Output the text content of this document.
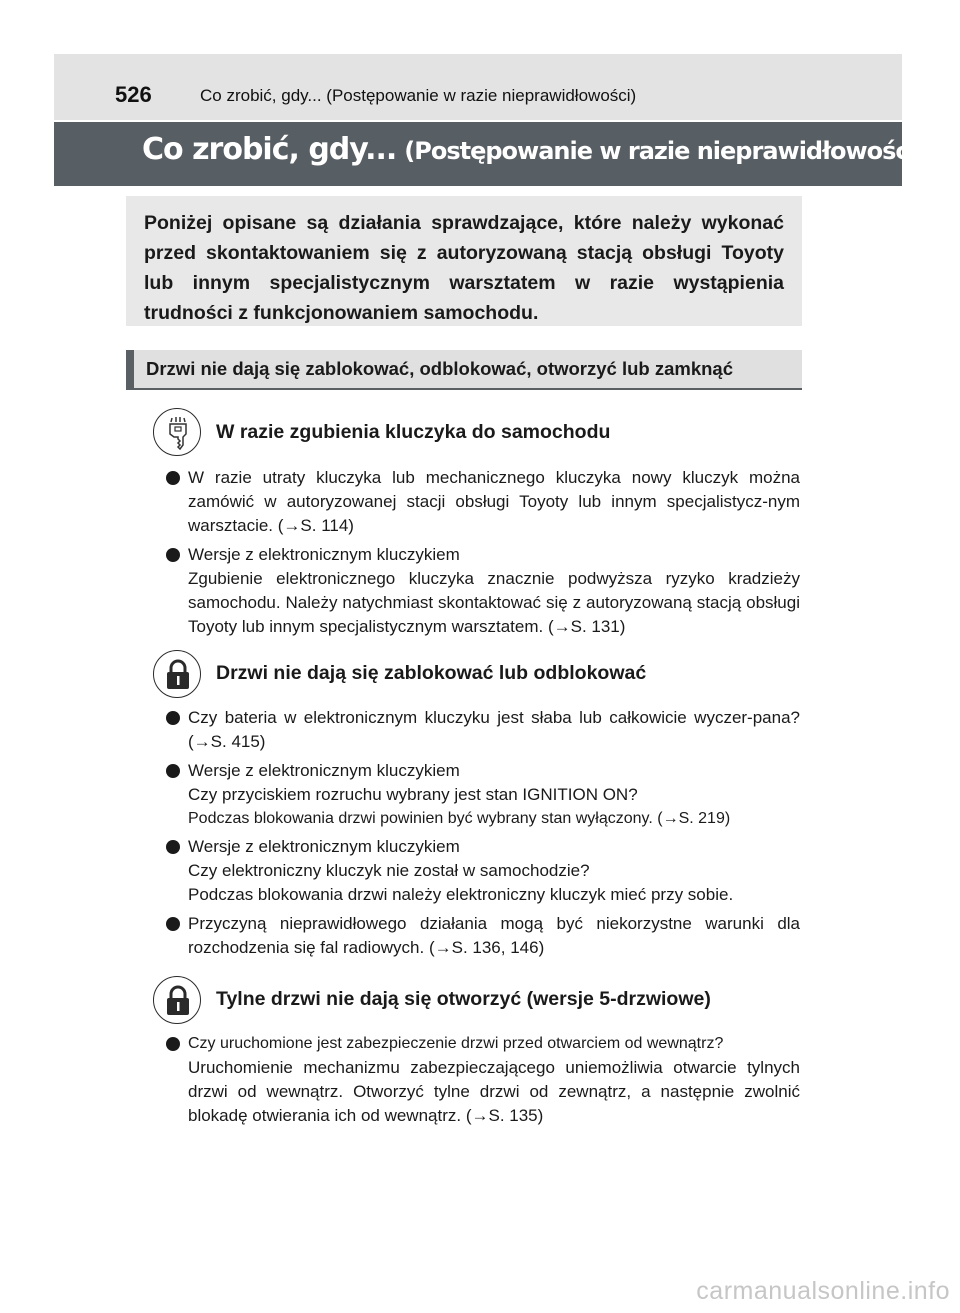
526	Co zrobić, gdy... (Postępowanie w razie nieprawidłowości)
Co zrobić, gdy... (Postępowanie w razie nieprawidłowości)
Poniżej opisane są działania sprawdzające, które należy wykonać przed skontaktowaniem się z autoryzowaną stacją obsługi Toyoty lub innym specjalistycznym warsztatem w razie wystąpienia trudności z funkcjonowaniem samochodu.
Drzwi nie dają się zablokować, odblokować, otworzyć lub zamknąć
W razie zgubienia kluczyka do samochodu
W razie utraty kluczyka lub mechanicznego kluczyka nowy kluczyk można zamówić w autoryzowanej stacji obsługi Toyoty lub innym specjalistycz-nym warsztacie. (→S. 114)
Wersje z elektronicznym kluczykiem
Zgubienie elektronicznego kluczyka znacznie podwyższa ryzyko kradzieży samochodu. Należy natychmiast skontaktować się z autoryzowaną stacją obsługi Toyoty lub innym specjalistycznym warsztatem. (→S. 131)
Drzwi nie dają się zablokować lub odblokować
Czy bateria w elektronicznym kluczyku jest słaba lub całkowicie wyczer-pana? (→S. 415)
Wersje z elektronicznym kluczykiem
Czy przyciskiem rozruchu wybrany jest stan IGNITION ON?
Podczas blokowania drzwi powinien być wybrany stan wyłączony. (→S. 219)
Wersje z elektronicznym kluczykiem
Czy elektroniczny kluczyk nie został w samochodzie?
Podczas blokowania drzwi należy elektroniczny kluczyk mieć przy sobie.
Przyczyną nieprawidłowego działania mogą być niekorzystne warunki dla rozchodzenia się fal radiowych. (→S. 136, 146)
Tylne drzwi nie dają się otworzyć (wersje 5-drzwiowe)
Czy uruchomione jest zabezpieczenie drzwi przed otwarciem od wewnątrz?
Uruchomienie mechanizmu zabezpieczającego uniemożliwia otwarcie tylnych drzwi od wewnątrz. Otworzyć tylne drzwi od zewnątrz, a następnie zwolnić blokadę otwierania ich od wewnątrz. (→S. 135)
carmanualsonline.info
